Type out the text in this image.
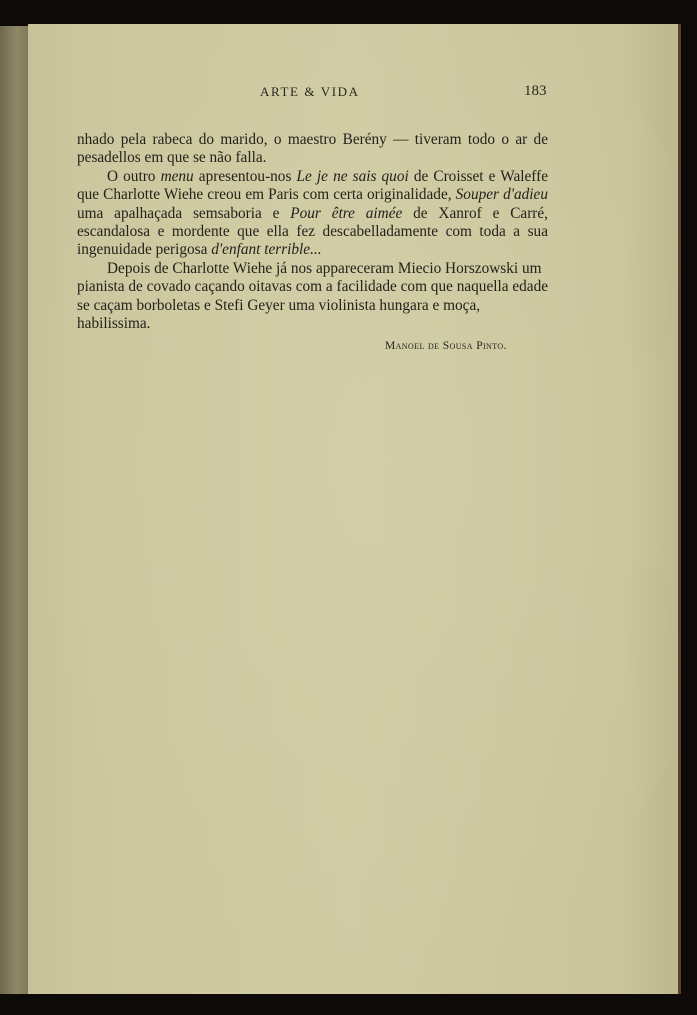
ARTE & VIDA	183

nhado pela rabeca do marido, o maestro Berény — tiveram todo o ar de pesadellos em que se não falla.

O outro menu apresentou-nos Le je ne sais quoi de Croisset e Waleffe que Charlotte Wiehe creou em Paris com certa originalidade, Souper d'adieu uma apalhaçada semsaboria e Pour être aimée de Xanrof e Carré, escandalosa e mordente que ella fez descabelladamente com toda a sua ingenuidade perigosa d'enfant terrible...

Depois de Charlotte Wiehe já nos appareceram Miecio Horszowski um pianista de covado caçando oitavas com a facilidade com que naquella edade se caçam borboletas e Stefi Geyer uma violinista hungara e moça, habilissima.

Manoel de Sousa Pinto.
